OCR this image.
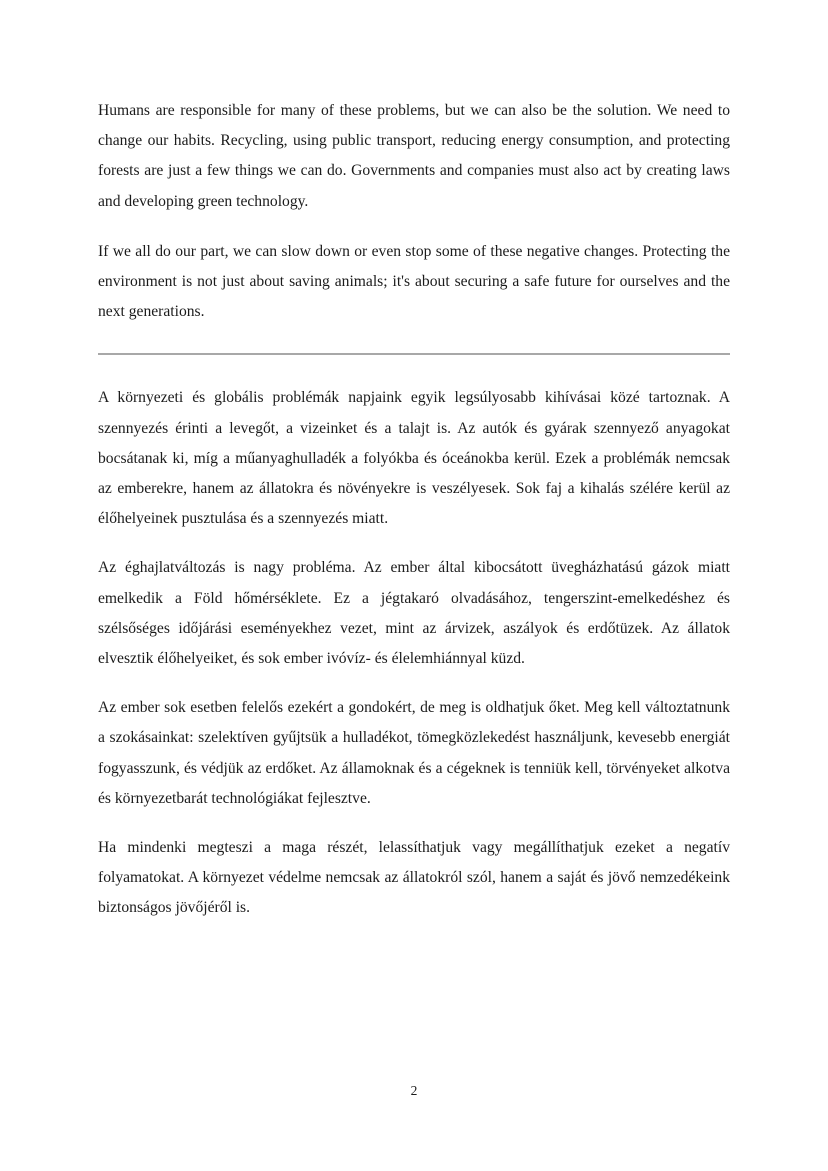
Humans are responsible for many of these problems, but we can also be the solution. We need to change our habits. Recycling, using public transport, reducing energy consumption, and protecting forests are just a few things we can do. Governments and companies must also act by creating laws and developing green technology.

If we all do our part, we can slow down or even stop some of these negative changes. Protecting the environment is not just about saving animals; it's about securing a safe future for ourselves and the next generations.

A környezeti és globális problémák napjaink egyik legsúlyosabb kihívásai közé tartoznak. A szennyezés érinti a levegőt, a vizeinket és a talajt is. Az autók és gyárak szennyező anyagokat bocsátanak ki, míg a műanyaghulladék a folyókba és óceánokba kerül. Ezek a problémák nemcsak az emberekre, hanem az állatokra és növényekre is veszélyesek. Sok faj a kihalás szélére kerül az élőhelyeinek pusztulása és a szennyezés miatt.

Az éghajlatváltozás is nagy probléma. Az ember által kibocsátott üvegházhatású gázok miatt emelkedik a Föld hőmérséklete. Ez a jégtakaró olvadásához, tengerszint-emelkedéshez és szélsőséges időjárási eseményekhez vezet, mint az árvizek, aszályok és erdőtüzek. Az állatok elvesztik élőhelyeiket, és sok ember ivóvíz- és élelemhiánnyal küzd.

Az ember sok esetben felelős ezekért a gondokért, de meg is oldhatjuk őket. Meg kell változtatnunk a szokásainkat: szelektíven gyűjtsük a hulladékot, tömegközlekedést használjunk, kevesebb energiát fogyasszunk, és védjük az erdőket. Az államoknak és a cégeknek is tenniük kell, törvényeket alkotva és környezetbarát technológiákat fejlesztve.

Ha mindenki megteszi a maga részét, lelassíthatjuk vagy megállíthatjuk ezeket a negatív folyamatokat. A környezet védelme nemcsak az állatokról szól, hanem a saját és jövő nemzedékeink biztonságos jövőjéről is.

2
